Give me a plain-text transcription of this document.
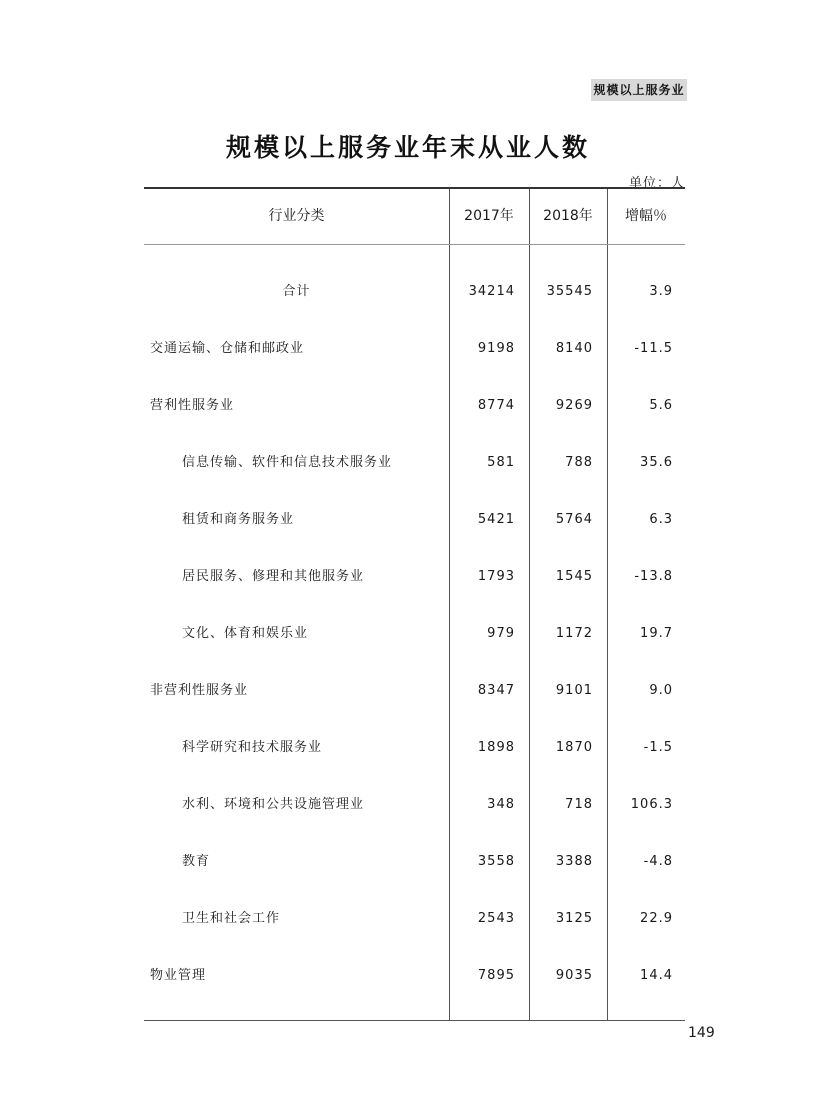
规模以上服务业
规模以上服务业年末从业人数
单位：人
行业分类	2017年	2018年	增幅％
合计	34214	35545	3.9
交通运输、仓储和邮政业	9198	8140	-11.5
营利性服务业	8774	9269	5.6
信息传输、软件和信息技术服务业	581	788	35.6
租赁和商务服务业	5421	5764	6.3
居民服务、修理和其他服务业	1793	1545	-13.8
文化、体育和娱乐业	979	1172	19.7
非营利性服务业	8347	9101	9.0
科学研究和技术服务业	1898	1870	-1.5
水利、环境和公共设施管理业	348	718	106.3
教育	3558	3388	-4.8
卫生和社会工作	2543	3125	22.9
物业管理	7895	9035	14.4
149
